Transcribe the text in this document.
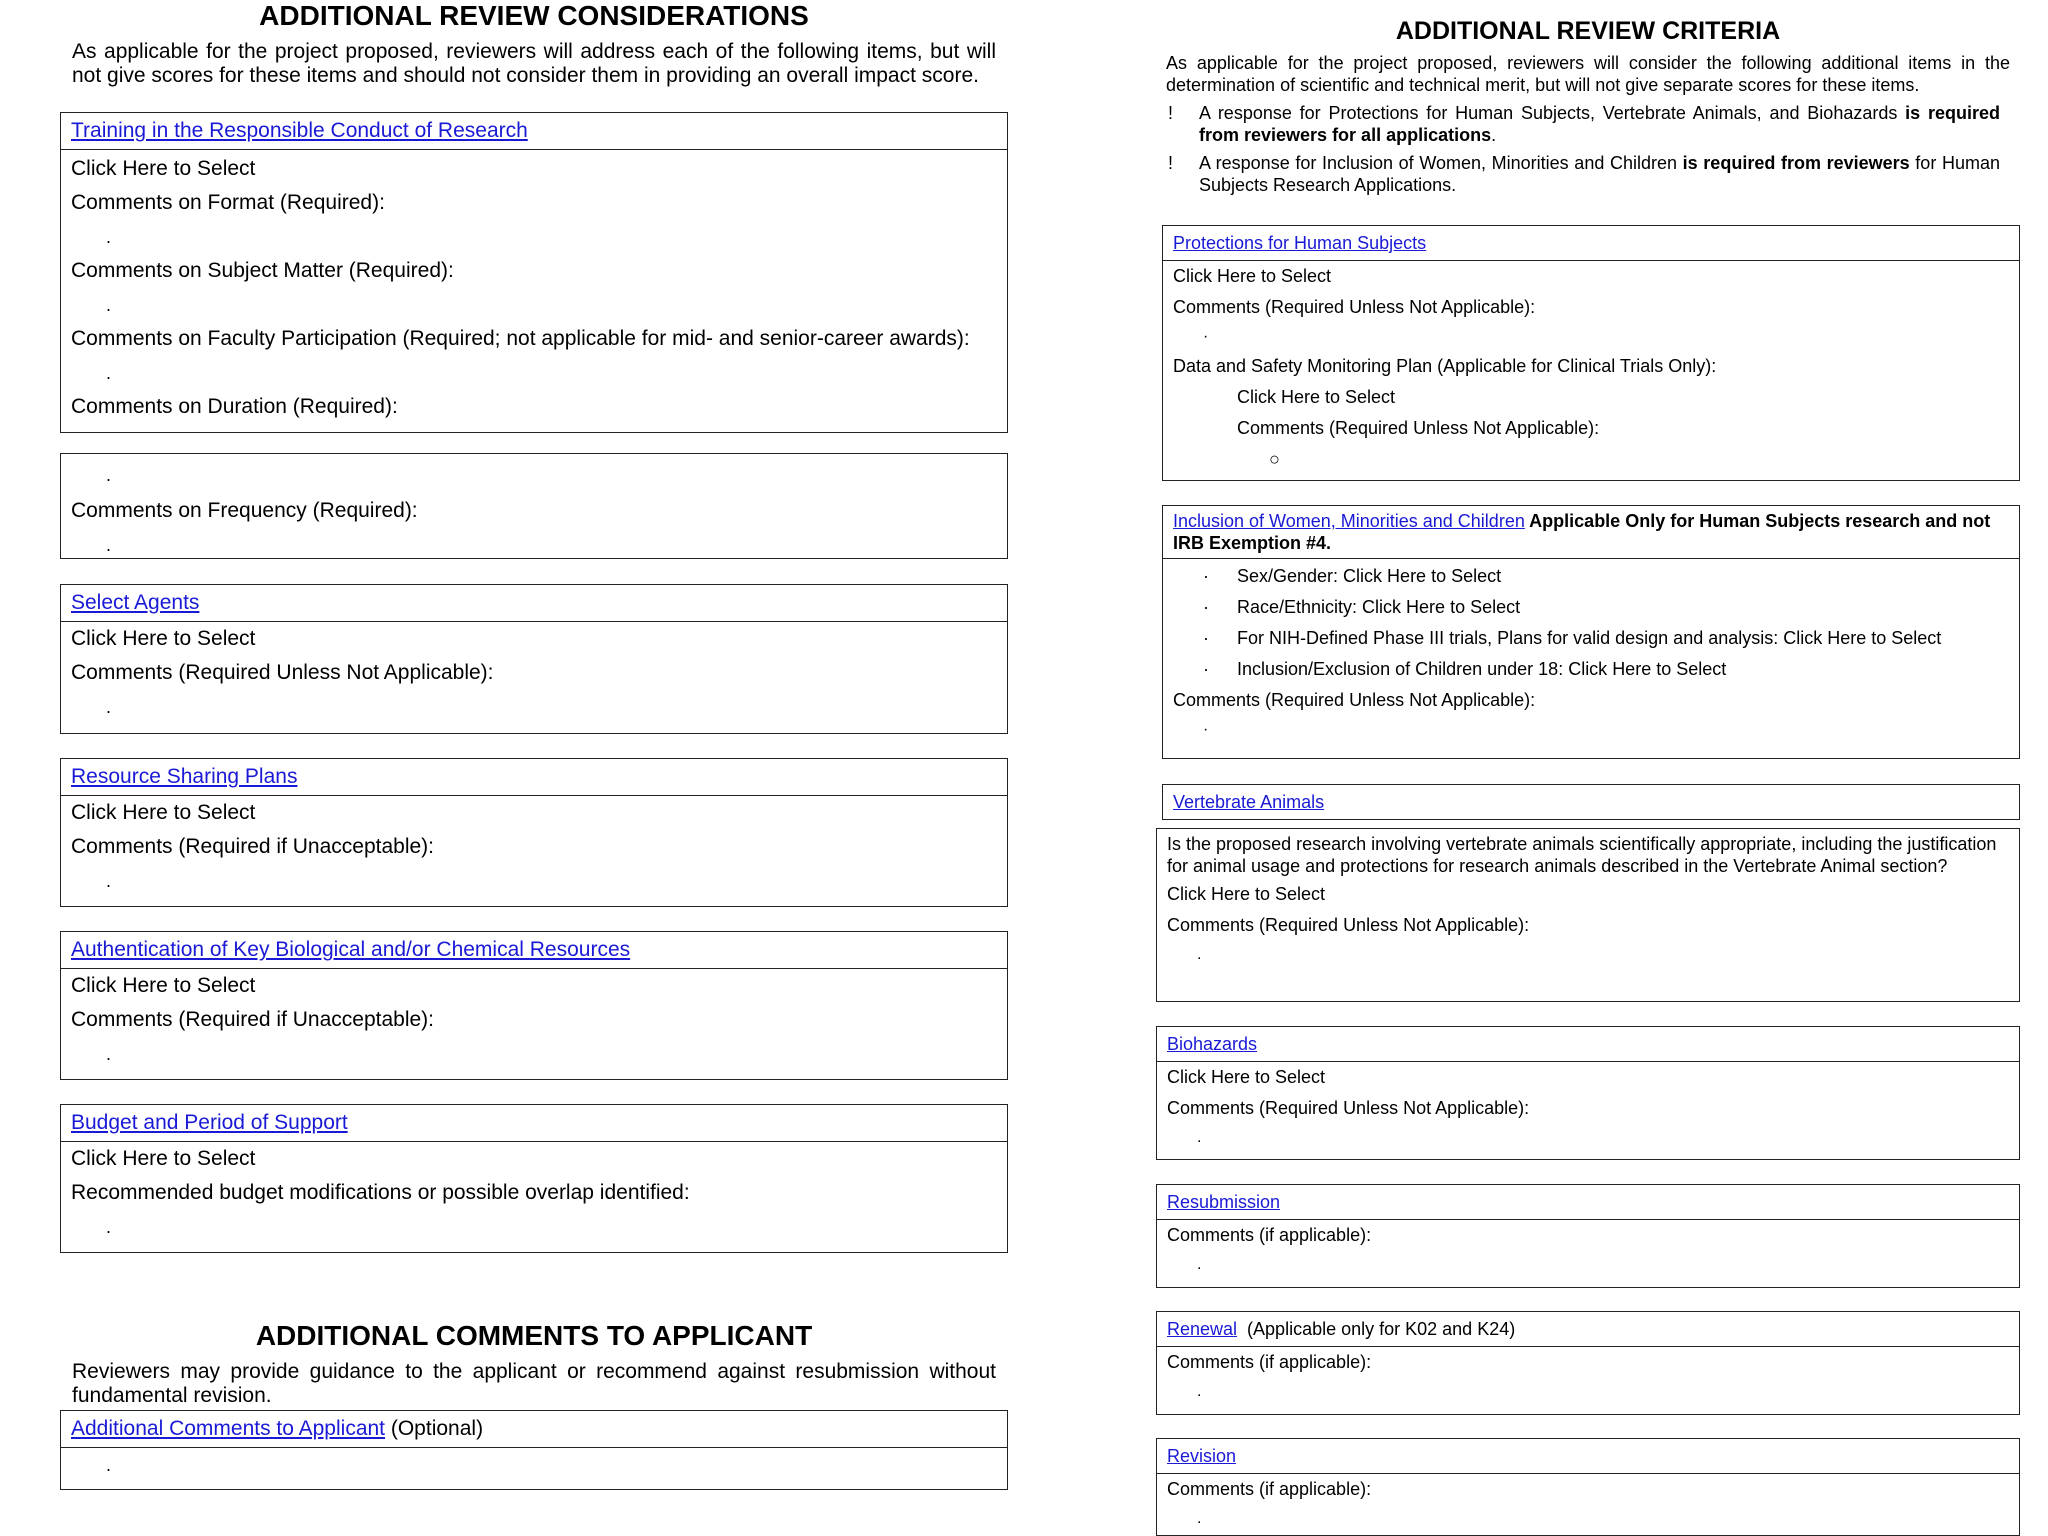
ADDITIONAL REVIEW CONSIDERATIONS

As applicable for the project proposed, reviewers will address each of the following items, but will not give scores for these items and should not consider them in providing an overall impact score.

Training in the Responsible Conduct of Research
Click Here to Select
Comments on Format (Required):
.
Comments on Subject Matter (Required):
.
Comments on Faculty Participation (Required; not applicable for mid- and senior-career awards):
.
Comments on Duration (Required):
.
Comments on Frequency (Required):
.
Select Agents
Click Here to Select
Comments (Required Unless Not Applicable):
.
Resource Sharing Plans
Click Here to Select
Comments (Required if Unacceptable):
.
Authentication of Key Biological and/or Chemical Resources
Click Here to Select
Comments (Required if Unacceptable):
.
Budget and Period of Support
Click Here to Select
Recommended budget modifications or possible overlap identified:
.
ADDITIONAL COMMENTS TO APPLICANT

Reviewers may provide guidance to the applicant or recommend against resubmission without fundamental revision.

Additional Comments to Applicant (Optional)
.
ADDITIONAL REVIEW CRITERIA

As applicable for the project proposed, reviewers will consider the following additional items in the determination of scientific and technical merit, but will not give separate scores for these items.

! A response for Protections for Human Subjects, Vertebrate Animals, and Biohazards is required from reviewers for all applications.
! A response for Inclusion of Women, Minorities and Children is required from reviewers for Human Subjects Research Applications.
Protections for Human Subjects
Click Here to Select
Comments (Required Unless Not Applicable):
·
Data and Safety Monitoring Plan (Applicable for Clinical Trials Only):
Click Here to Select
Comments (Required Unless Not Applicable):
○
Inclusion of Women, Minorities and Children Applicable Only for Human Subjects research and not IRB Exemption #4.
· Sex/Gender: Click Here to Select
· Race/Ethnicity: Click Here to Select
· For NIH-Defined Phase III trials, Plans for valid design and analysis: Click Here to Select
· Inclusion/Exclusion of Children under 18: Click Here to Select
Comments (Required Unless Not Applicable):
·
Vertebrate Animals
Is the proposed research involving vertebrate animals scientifically appropriate, including the justification for animal usage and protections for research animals described in the Vertebrate Animal section?
Click Here to Select
Comments (Required Unless Not Applicable):
.
Biohazards
Click Here to Select
Comments (Required Unless Not Applicable):
.
Resubmission
Comments (if applicable):
.
Renewal  (Applicable only for K02 and K24)
Comments (if applicable):
.
Revision
Comments (if applicable):
.
